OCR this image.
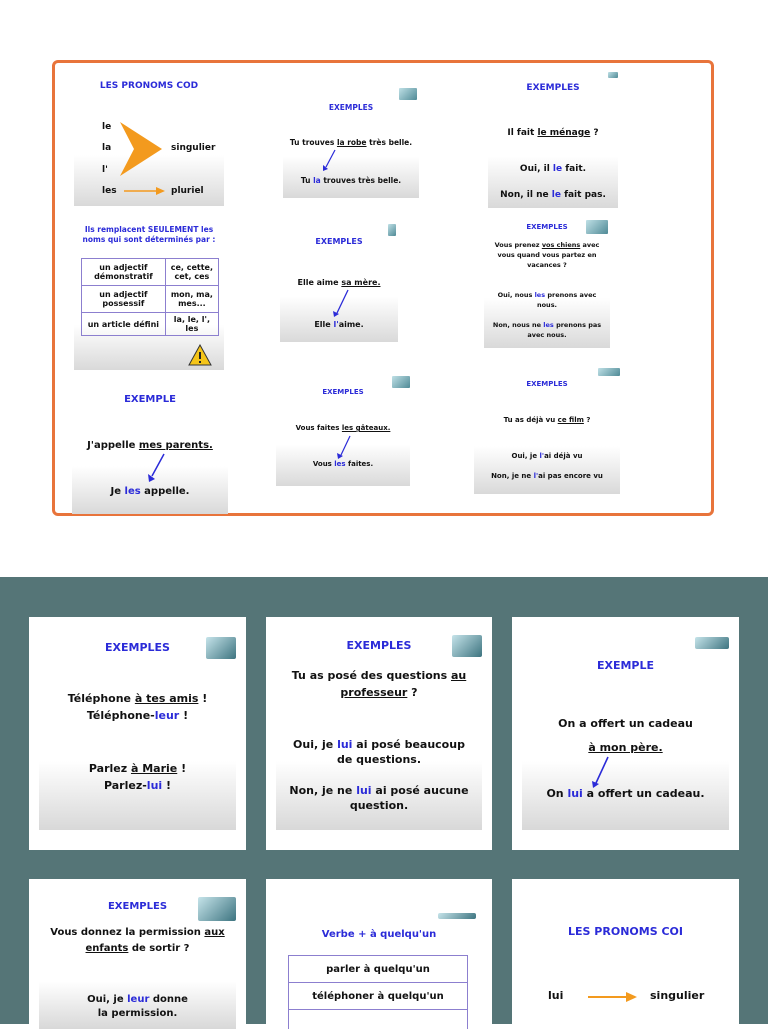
LES PRONOMS COD
le
la
l'
les
singulier
pluriel
Ils remplacent SEULEMENT les
noms qui sont déterminés par :
un adjectif démonstratif	ce, cette, cet, ces
un adjectif possessif	mon, ma, mes...
un article défini	la, le, l', les
EXEMPLE
J'appelle mes parents.
Je les appelle.
EXEMPLES
Tu trouves la robe très belle.
Tu la trouves très belle.
EXEMPLES
Elle aime sa mère.
Elle l'aime.
EXEMPLES
Vous faites les gâteaux.
Vous les faites.
EXEMPLES
Il fait le ménage ?
Oui, il le fait.
Non, il ne le fait pas.
EXEMPLES
Vous prenez vos chiens avec
vous quand vous partez en
vacances ?
Oui, nous les prenons avec
nous.
Non, nous ne les prenons pas
avec nous.
EXEMPLES
Tu as déjà vu ce film ?
Oui, je l'ai déjà vu
Non, je ne l'ai pas encore vu
EXEMPLES
Téléphone à tes amis !
Téléphone-leur !
Parlez à Marie !
Parlez-lui !
EXEMPLES
Tu as posé des questions au
professeur ?
Oui, je lui ai posé beaucoup
de questions.
Non, je ne lui ai posé aucune
question.
EXEMPLE
On a offert un cadeau
à mon père.
On lui a offert un cadeau.
EXEMPLES
Vous donnez la permission aux
enfants de sortir ?
Oui, je leur donne
la permission.
Verbe + à quelqu'un
parler à quelqu'un
téléphoner à quelqu'un

LES PRONOMS COI
lui	singulier
